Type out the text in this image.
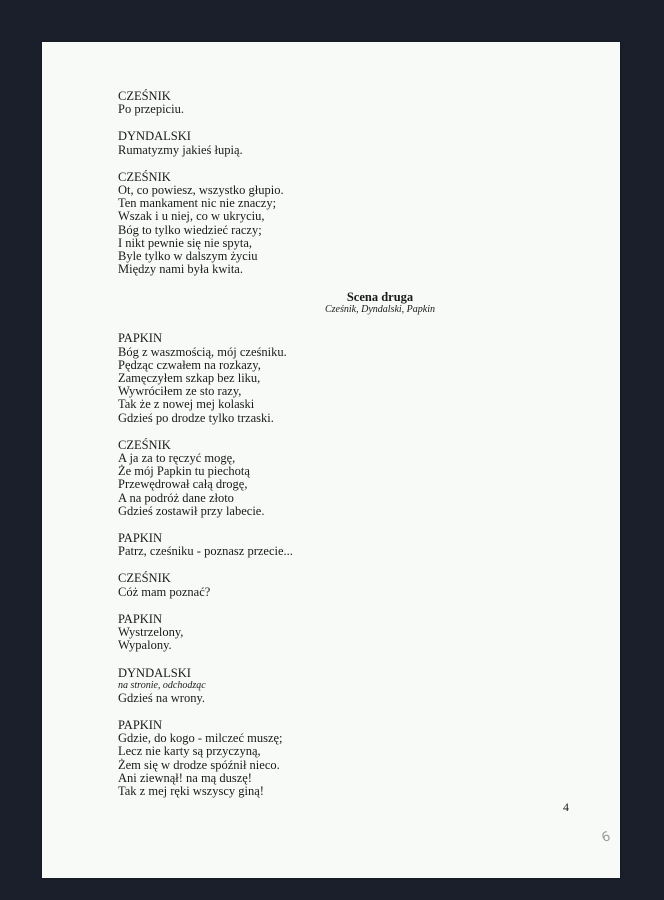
CZEŚNIK
Po przepiciu.
DYNDALSKI
Rumatyzmy jakieś łupią.
CZEŚNIK
Ot, co powiesz, wszystko głupio.
Ten mankament nic nie znaczy;
Wszak i u niej, co w ukryciu,
Bóg to tylko wiedzieć raczy;
I nikt pewnie się nie spyta,
Byle tylko w dalszym życiu
Między nami była kwita.
Scena druga
Cześnik, Dyndalski, Papkin
PAPKIN
Bóg z waszmością, mój cześniku.
Pędząc czwałem na rozkazy,
Zamęczyłem szkap bez liku,
Wywróciłem ze sto razy,
Tak że z nowej mej kolaski
Gdzieś po drodze tylko trzaski.
CZEŚNIK
A ja za to ręczyć mogę,
Że mój Papkin tu piechotą
Przewędrował całą drogę,
A na podróż dane złoto
Gdzieś zostawił przy labecie.
PAPKIN
Patrz, cześniku - poznasz przecie...
CZEŚNIK
Cóż mam poznać?
PAPKIN
Wystrzelony,
Wypalony.
DYNDALSKI
na stronie, odchodząc
Gdzieś na wrony.
PAPKIN
Gdzie, do kogo - milczeć muszę;
Lecz nie karty są przyczyną,
Żem się w drodze spóźnił nieco.
Ani ziewnął! na mą duszę!
Tak z mej ręki wszyscy giną!
4
6
